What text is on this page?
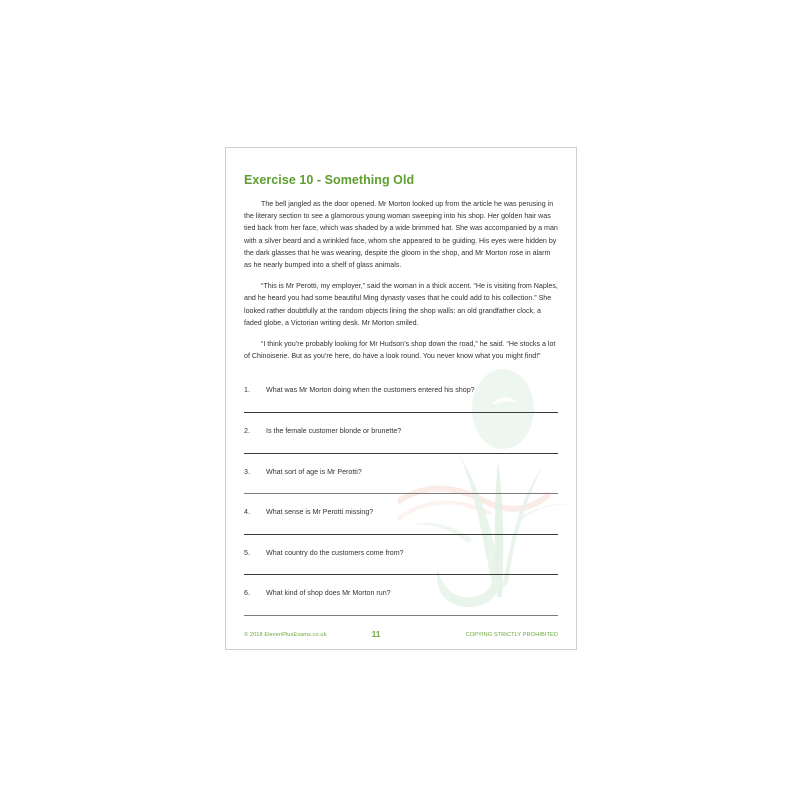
Exercise 10 - Something Old

The bell jangled as the door opened. Mr Morton looked up from the article he was perusing in the literary section to see a glamorous young woman sweeping into his shop. Her golden hair was tied back from her face, which was shaded by a wide brimmed hat. She was accompanied by a man with a silver beard and a wrinkled face, whom she appeared to be guiding. His eyes were hidden by the dark glasses that he was wearing, despite the gloom in the shop, and Mr Morton rose in alarm as he nearly bumped into a shelf of glass animals.

“This is Mr Perotti, my employer,” said the woman in a thick accent. “He is visiting from Naples, and he heard you had some beautiful Ming dynasty vases that he could add to his collection.” She looked rather doubtfully at the random objects lining the shop walls: an old grandfather clock, a faded globe, a Victorian writing desk. Mr Morton smiled.

“I think you’re probably looking for Mr Hudson’s shop down the road,” he said. “He stocks a lot of Chinoiserie. But as you’re here, do have a look round. You never know what you might find!”

1.	What was Mr Morton doing when the customers entered his shop?
2.	Is the female customer blonde or brunette?
3.	What sort of age is Mr Perotti?
4.	What sense is Mr Perotti missing?
5.	What country do the customers come from?
6.	What kind of shop does Mr Morton run?
© 2018 ElevenPlusExams.co.uk	11	COPYING STRICTLY PROHIBITED
